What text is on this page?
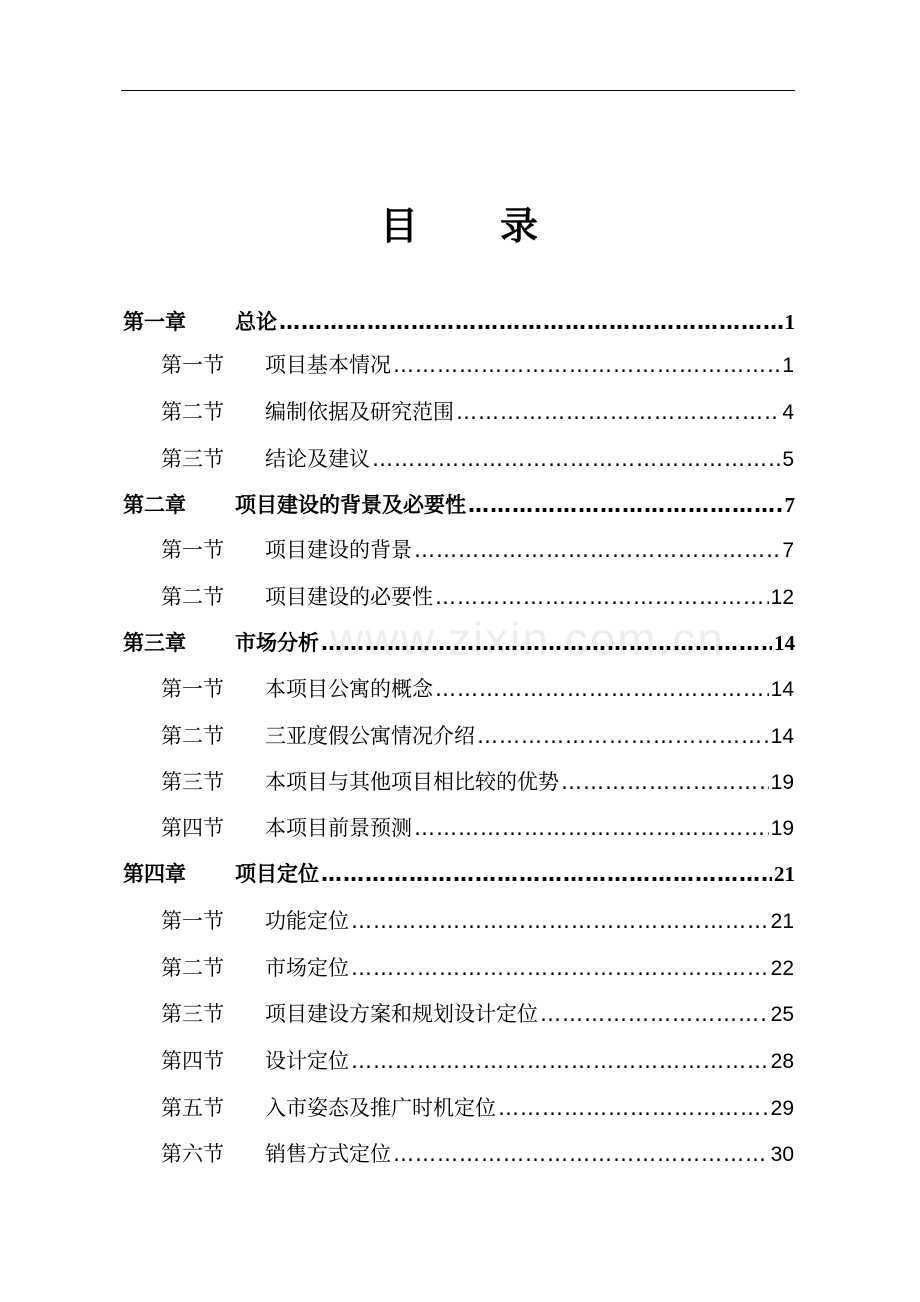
目　　录
第一章	总论 …………………………………………………………………………………………………………………………	1
第一节	项目基本情况 …………………………………………………………………………………………………………………………	1
第二节	编制依据及研究范围 …………………………………………………………………………………………………………………………	4
第三节	结论及建议 …………………………………………………………………………………………………………………………	5
第二章	项目建设的背景及必要性 …………………………………………………………………………………………………………………………	7
第一节	项目建设的背景 …………………………………………………………………………………………………………………………	7
第二节	项目建设的必要性 …………………………………………………………………………………………………………………………	12
第三章	市场分析 …………………………………………………………………………………………………………………………	14
第一节	本项目公寓的概念 …………………………………………………………………………………………………………………………	14
第二节	三亚度假公寓情况介绍 …………………………………………………………………………………………………………………………	14
第三节	本项目与其他项目相比较的优势 …………………………………………………………………………………………………………………………	19
第四节	本项目前景预测 …………………………………………………………………………………………………………………………	19
第四章	项目定位 …………………………………………………………………………………………………………………………	21
第一节	功能定位 …………………………………………………………………………………………………………………………	21
第二节	市场定位 …………………………………………………………………………………………………………………………	22
第三节	项目建设方案和规划设计定位 …………………………………………………………………………………………………………………………	25
第四节	设计定位 …………………………………………………………………………………………………………………………	28
第五节	入市姿态及推广时机定位 …………………………………………………………………………………………………………………………	29
第六节	销售方式定位 …………………………………………………………………………………………………………………………	30
www.zixin.com.cn
